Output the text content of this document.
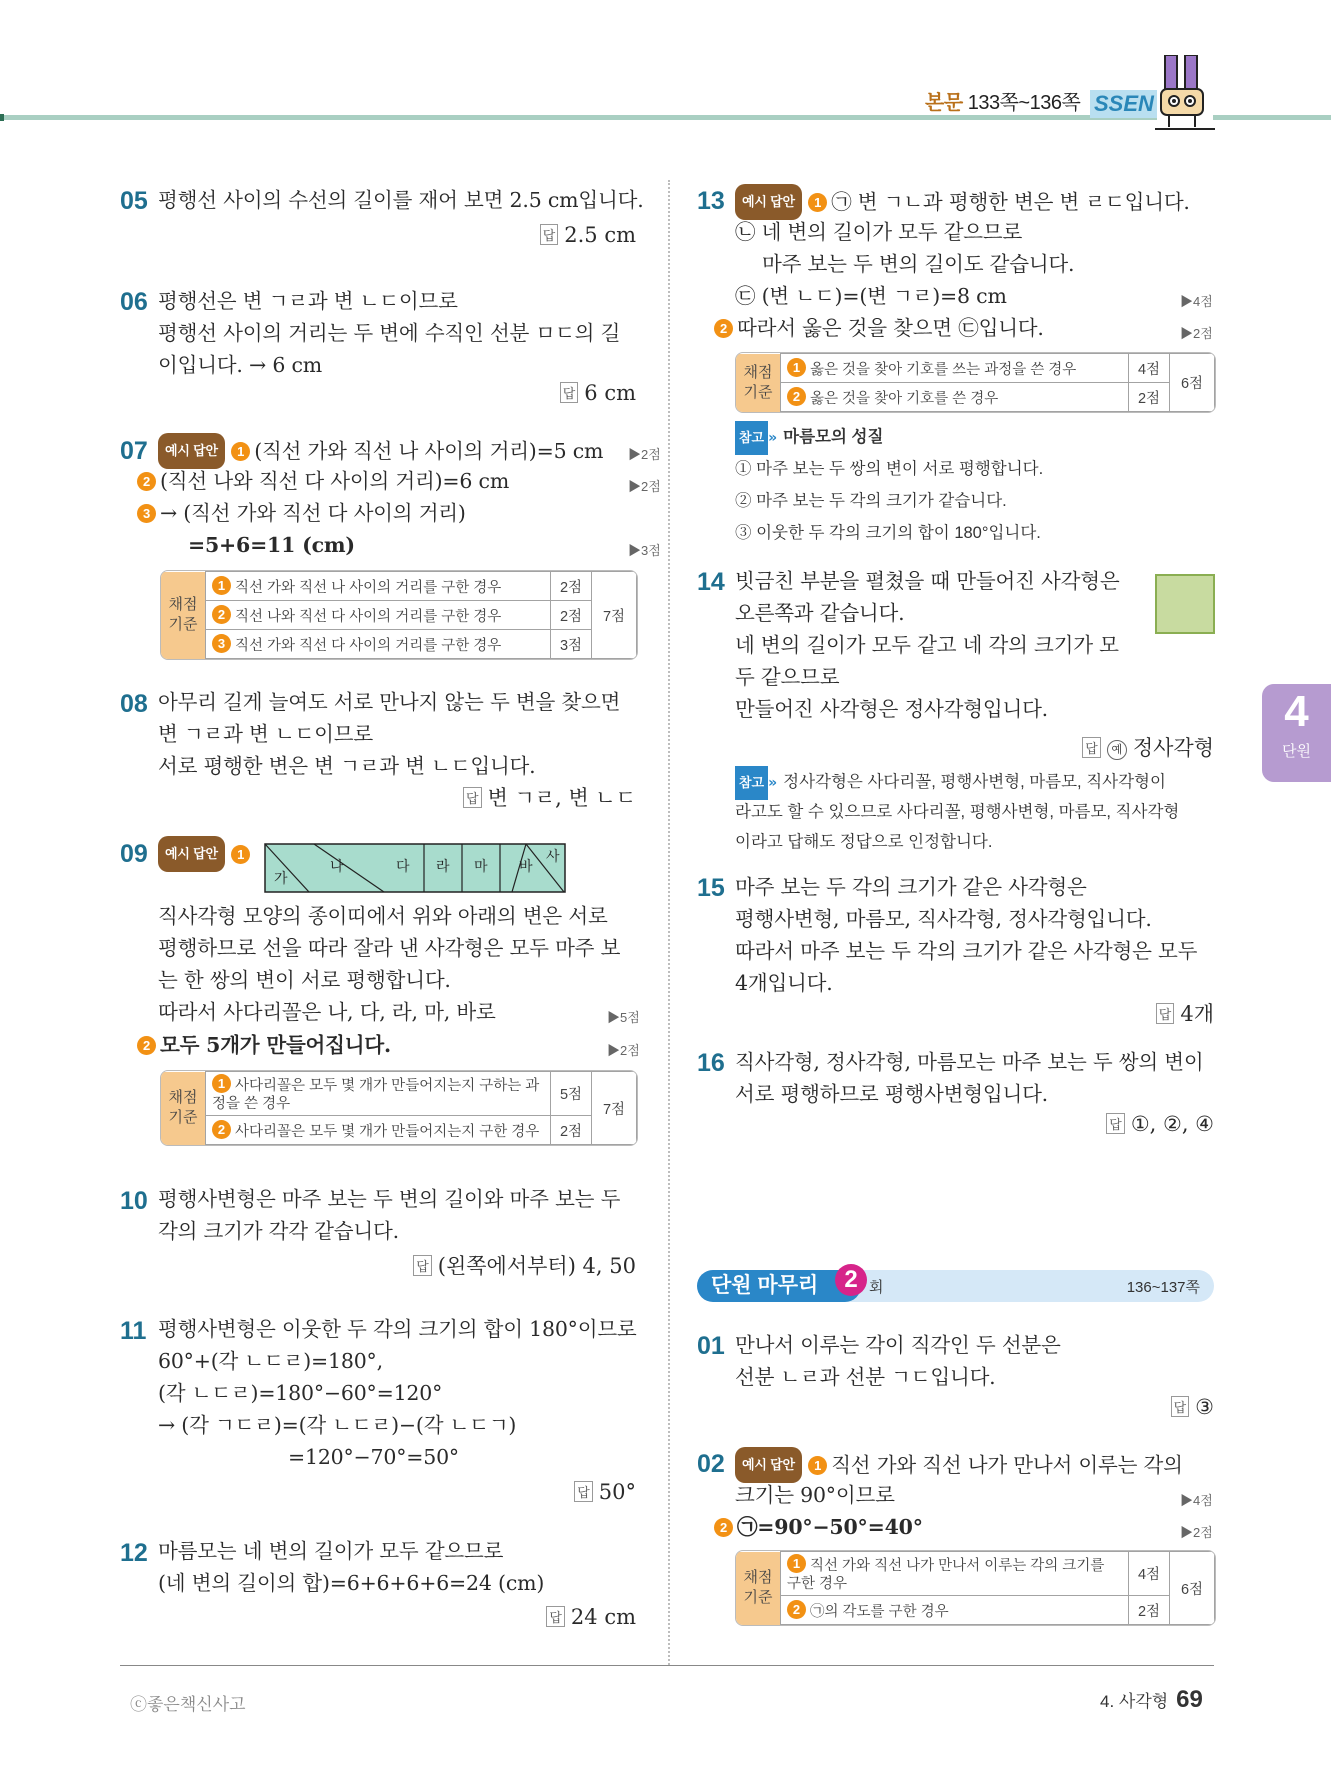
본문 133쪽~136쪽 SSEN
4
단원
05 평행선 사이의 수선의 길이를 재어 보면 2.5 cm입니다.
답 2.5 cm
06 평행선은 변 ㄱㄹ과 변 ㄴㄷ이므로
평행선 사이의 거리는 두 변에 수직인 선분 ㅁㄷ의 길
이입니다. → 6 cm
답 6 cm
07	예시 답안 1 (직선 가와 직선 나 사이의 거리)=5 cm ▶2점
2 (직선 나와 직선 다 사이의 거리)=6 cm	▶2점
3 → (직선 가와 직선 다 사이의 거리)
=5+6=11 (cm)	▶3점
채점 기준	1 직선 가와 직선 나 사이의 거리를 구한 경우	2점	7점
	2 직선 나와 직선 다 사이의 거리를 구한 경우	2점	
	3 직선 가와 직선 다 사이의 거리를 구한 경우	3점	
08 아무리 길게 늘여도 서로 만나지 않는 두 변을 찾으면
변 ㄱㄹ과 변 ㄴㄷ이므로
서로 평행한 변은 변 ㄱㄹ과 변 ㄴㄷ입니다.
답 변 ㄱㄹ, 변 ㄴㄷ
09	예시 답안 1
가
나	다 라 마 바
사
직사각형 모양의 종이띠에서 위와 아래의 변은 서로
평행하므로 선을 따라 잘라 낸 사각형은 모두 마주 보
는 한 쌍의 변이 서로 평행합니다.
따라서 사다리꼴은 나, 다, 라, 마, 바로	▶5점
2 모두 5개가 만들어집니다.	▶2점
채점 기준	1 사다리꼴은 모두 몇 개가 만들어지는지 구하는 과정을 쓴 경우	5점	7점
	2 사다리꼴은 모두 몇 개가 만들어지는지 구한 경우	2점	
10 평행사변형은 마주 보는 두 변의 길이와 마주 보는 두
각의 크기가 각각 같습니다.
답 (왼쪽에서부터) 4, 50
11 평행사변형은 이웃한 두 각의 크기의 합이 180°이므로
60°+(각 ㄴㄷㄹ)=180°,
(각 ㄴㄷㄹ)=180°−60°=120°
→ (각 ㄱㄷㄹ)=(각 ㄴㄷㄹ)−(각 ㄴㄷㄱ)
=120°−70°=50°
답 50°
12 마름모는 네 변의 길이가 모두 같으므로
(네 변의 길이의 합)=6+6+6+6=24 (cm)
답 24 cm
13	예시 답안 1 ㉠ 변 ㄱㄴ과 평행한 변은 변 ㄹㄷ입니다.
㉡ 네 변의 길이가 모두 같으므로
마주 보는 두 변의 길이도 같습니다.
㉢ (변 ㄴㄷ)=(변 ㄱㄹ)=8 cm	▶4점
2 따라서 옳은 것을 찾으면 ㉢입니다.	▶2점
채점 기준	1 옳은 것을 찾아 기호를 쓰는 과정을 쓴 경우	4점	6점
	2 옳은 것을 찾아 기호를 쓴 경우	2점	
참고 » 마름모의 성질
① 마주 보는 두 쌍의 변이 서로 평행합니다.
② 마주 보는 두 각의 크기가 같습니다.
③ 이웃한 두 각의 크기의 합이 180°입니다.
14 빗금친 부분을 펼쳤을 때 만들어진 사각형은
오른쪽과 같습니다.
네 변의 길이가 모두 같고 네 각의 크기가 모
두 같으므로
만들어진 사각형은 정사각형입니다.
답 예 정사각형
참고 » 정사각형은 사다리꼴, 평행사변형, 마름모, 직사각형이
라고도 할 수 있으므로 사다리꼴, 평행사변형, 마름모, 직사각형
이라고 답해도 정답으로 인정합니다.
15 마주 보는 두 각의 크기가 같은 사각형은
평행사변형, 마름모, 직사각형, 정사각형입니다.
따라서 마주 보는 두 각의 크기가 같은 사각형은 모두
4개입니다.
답 4개
16 직사각형, 정사각형, 마름모는 마주 보는 두 쌍의 변이
서로 평행하므로 평행사변형입니다.
답 ①, ②, ④
단원 마무리	2 회	136~137쪽
01 만나서 이루는 각이 직각인 두 선분은
선분 ㄴㄹ과 선분 ㄱㄷ입니다.
답 ③
02	예시 답안 1 직선 가와 직선 나가 만나서 이루는 각의
크기는 90°이므로	▶4점
2 ㉠=90°−50°=40°	▶2점
채점 기준	1 직선 가와 직선 나가 만나서 이루는 각의 크기를 구한 경우	4점	6점
	2 ㉠의 각도를 구한 경우	2점	
ⓒ좋은책신사고	4. 사각형 69
